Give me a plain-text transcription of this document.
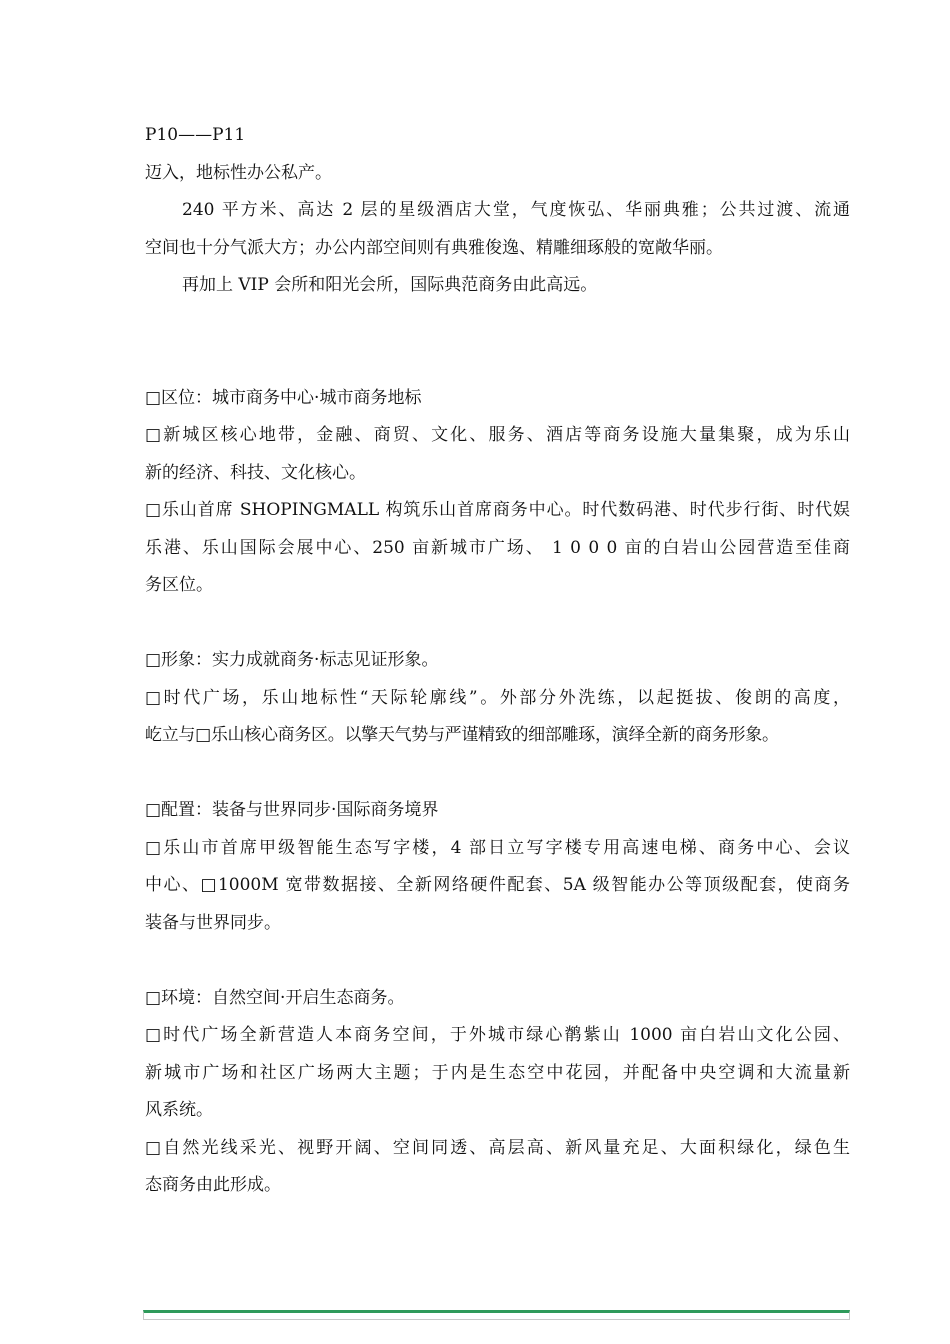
P10——P11
迈入，地标性办公私产。
240 平方米、高达 2 层的星级酒店大堂，气度恢弘、华丽典雅；公共过渡、流通
空间也十分气派大方；办公内部空间则有典雅俊逸、精雕细琢般的宽敞华丽。
再加上 VIP 会所和阳光会所，国际典范商务由此高远。
□区位：城市商务中心·城市商务地标
□新城区核心地带，金融、商贸、文化、服务、酒店等商务设施大量集聚，成为乐山
新的经济、科技、文化核心。
□乐山首席 SHOPINGMALL 构筑乐山首席商务中心。时代数码港、时代步行街、时代娱
乐港、乐山国际会展中心、250 亩新城市广场、 1 0 0 0 亩的白岩山公园营造至佳商
务区位。
□形象：实力成就商务·标志见证形象。
□时代广场，乐山地标性“天际轮廓线”。外部分外洗练，以起挺拔、俊朗的高度，
屹立与□乐山核心商务区。以擎天气势与严谨精致的细部雕琢，演绎全新的商务形象。
□配置：装备与世界同步·国际商务境界
□乐山市首席甲级智能生态写字楼，4 部日立写字楼专用高速电梯、商务中心、会议
中心、□1000M 宽带数据接、全新网络硬件配套、5A 级智能办公等顶级配套，使商务
装备与世界同步。
□环境：自然空间·开启生态商务。
□时代广场全新营造人本商务空间，于外城市绿心鹡紫山 1000 亩白岩山文化公园、
新城市广场和社区广场两大主题；于内是生态空中花园，并配备中央空调和大流量新
风系统。
□自然光线采光、视野开阔、空间同透、高层高、新风量充足、大面积绿化，绿色生
态商务由此形成。
